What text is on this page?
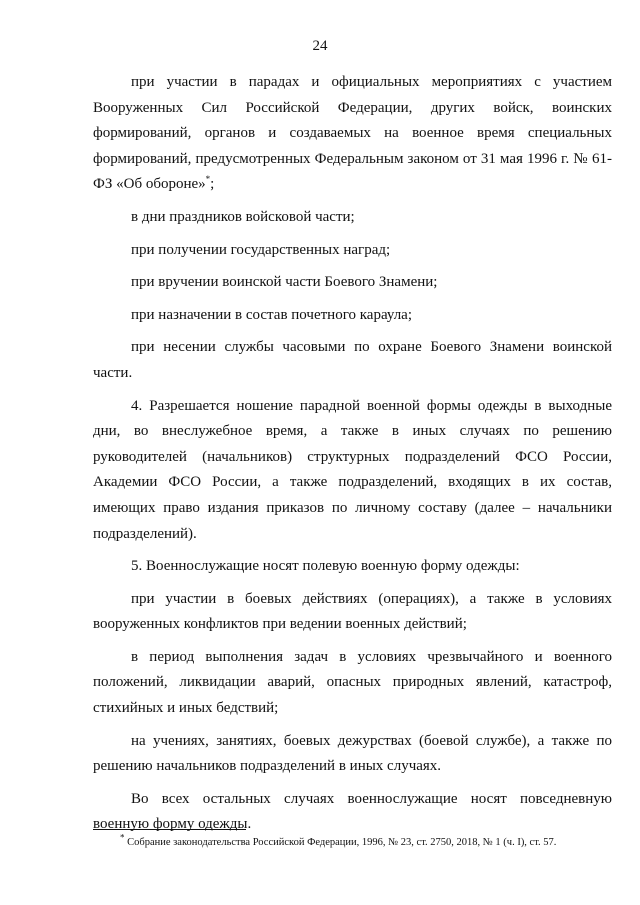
24

при участии в парадах и официальных мероприятиях с участием Вооруженных Сил Российской Федерации, других войск, воинских формирований, органов и создаваемых на военное время специальных формирований, предусмотренных Федеральным законом от 31 мая 1996 г. № 61-ФЗ «Об обороне»*;

в дни праздников войсковой части;

при получении государственных наград;

при вручении воинской части Боевого Знамени;

при назначении в состав почетного караула;

при несении службы часовыми по охране Боевого Знамени воинской части.

4. Разрешается ношение парадной военной формы одежды в выходные дни, во внеслужебное время, а также в иных случаях по решению руководителей (начальников) структурных подразделений ФСО России, Академии ФСО России, а также подразделений, входящих в их состав, имеющих право издания приказов по личному составу (далее – начальники подразделений).

5. Военнослужащие носят полевую военную форму одежды:

при участии в боевых действиях (операциях), а также в условиях вооруженных конфликтов при ведении военных действий;

в период выполнения задач в условиях чрезвычайного и военного положений, ликвидации аварий, опасных природных явлений, катастроф, стихийных и иных бедствий;

на учениях, занятиях, боевых дежурствах (боевой службе), а также по решению начальников подразделений в иных случаях.

Во всех остальных случаях военнослужащие носят повседневную военную форму одежды.

* Собрание законодательства Российской Федерации, 1996, № 23, ст. 2750, 2018, № 1 (ч. I), ст. 57.
